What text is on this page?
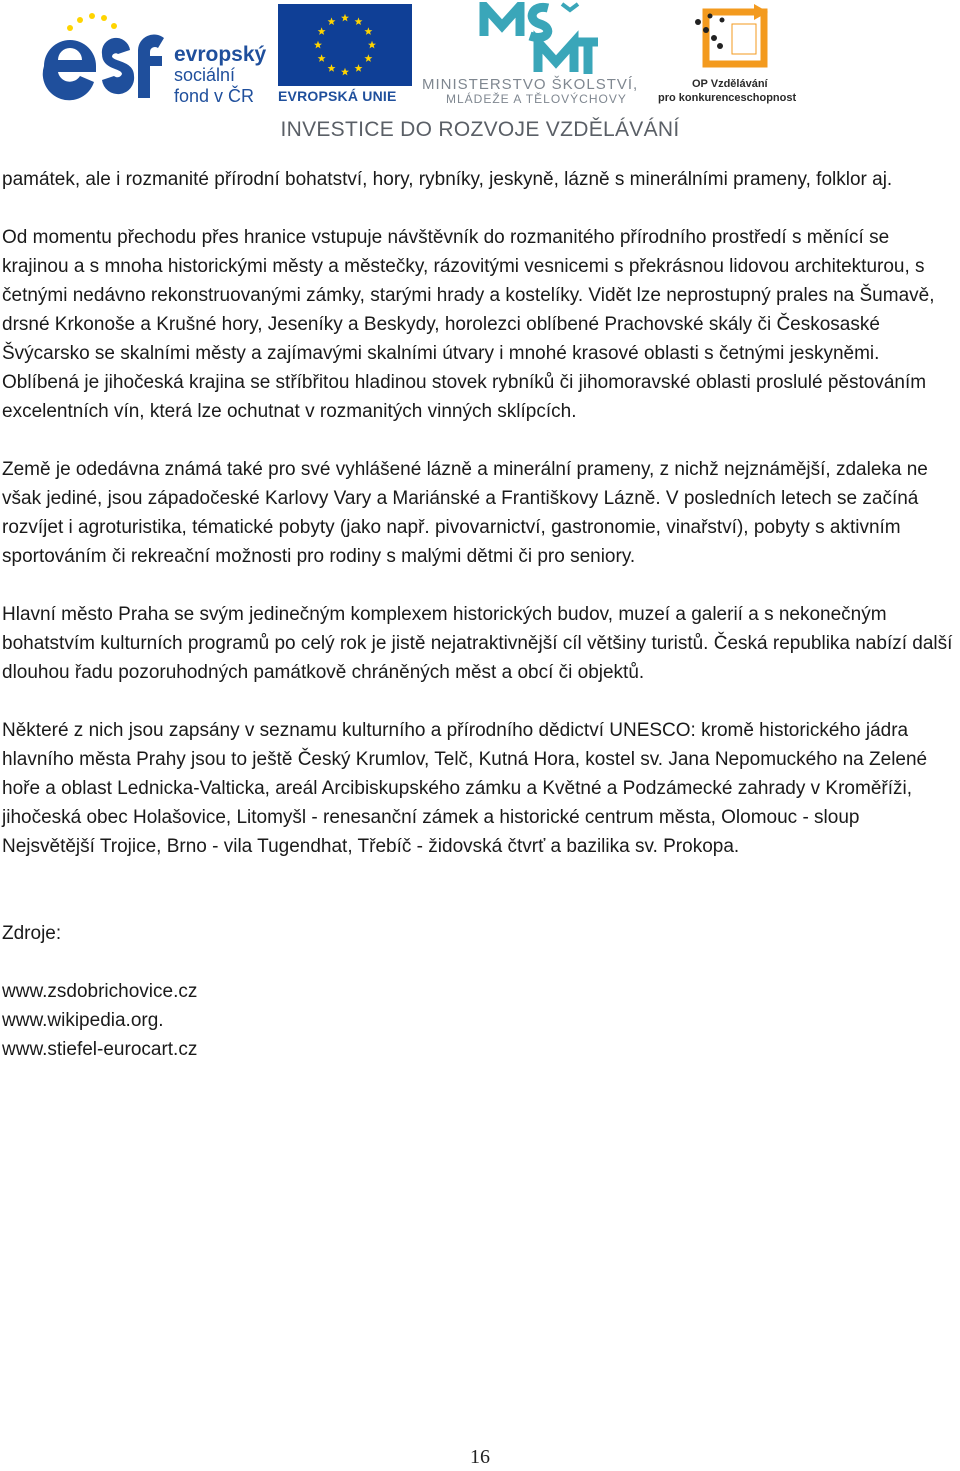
evropský
sociální
fond v ČR	EVROPSKÁ UNIE
MINISTERSTVO ŠKOLSTVÍ,
MLÁDEŽE A TĚLOVÝCHOVY
OP Vzdělávání
pro konkurenceschopnost
INVESTICE DO ROZVOJE VZDĚLÁVÁNÍ

památek, ale i rozmanité přírodní bohatství, hory, rybníky, jeskyně, lázně s minerálními prameny, folklor aj.

Od momentu přechodu přes hranice vstupuje návštěvník do rozmanitého přírodního prostředí s měnící se krajinou a s mnoha historickými městy a městečky, rázovitými vesnicemi s překrásnou lidovou architekturou, s četnými nedávno rekonstruovanými zámky, starými hrady a kostelíky. Vidět lze neprostupný prales na Šumavě, drsné Krkonoše a Krušné hory, Jeseníky a Beskydy, horolezci oblíbené Prachovské skály či Českosaské Švýcarsko se skalními městy a zajímavými skalními útvary i mnohé krasové oblasti s četnými jeskyněmi. Oblíbená je jihočeská krajina se stříbřitou hladinou stovek rybníků či jihomoravské oblasti proslulé pěstováním excelentních vín, která lze ochutnat v rozmanitých vinných sklípcích.

Země je odedávna známá také pro své vyhlášené lázně a minerální prameny, z nichž nejznámější, zdaleka ne však jediné, jsou západočeské Karlovy Vary a Mariánské a Františkovy Lázně. V posledních letech se začíná rozvíjet i agroturistika, tématické pobyty (jako např. pivovarnictví, gastronomie, vinařství), pobyty s aktivním sportováním či rekreační možnosti pro rodiny s malými dětmi či pro seniory.

Hlavní město Praha se svým jedinečným komplexem historických budov, muzeí a galerií a s nekonečným bohatstvím kulturních programů po celý rok je jistě nejatraktivnější cíl většiny turistů. Česká republika nabízí další dlouhou řadu pozoruhodných památkově chráněných měst a obcí či objektů.

Některé z nich jsou zapsány v seznamu kulturního a přírodního dědictví UNESCO: kromě historického jádra hlavního města Prahy jsou to ještě Český Krumlov, Telč, Kutná Hora, kostel sv. Jana Nepomuckého na Zelené hoře a oblast Lednicka-Valticka, areál Arcibiskupského zámku a Květné a Podzámecké zahrady v Kroměříži, jihočeská obec Holašovice, Litomyšl - renesanční zámek a historické centrum města, Olomouc - sloup Nejsvětější Trojice, Brno - vila Tugendhat, Třebíč - židovská čtvrť a bazilika sv. Prokopa.

Zdroje:

www.zsdobrichovice.cz

www.wikipedia.org.

www.stiefel-eurocart.cz

16
